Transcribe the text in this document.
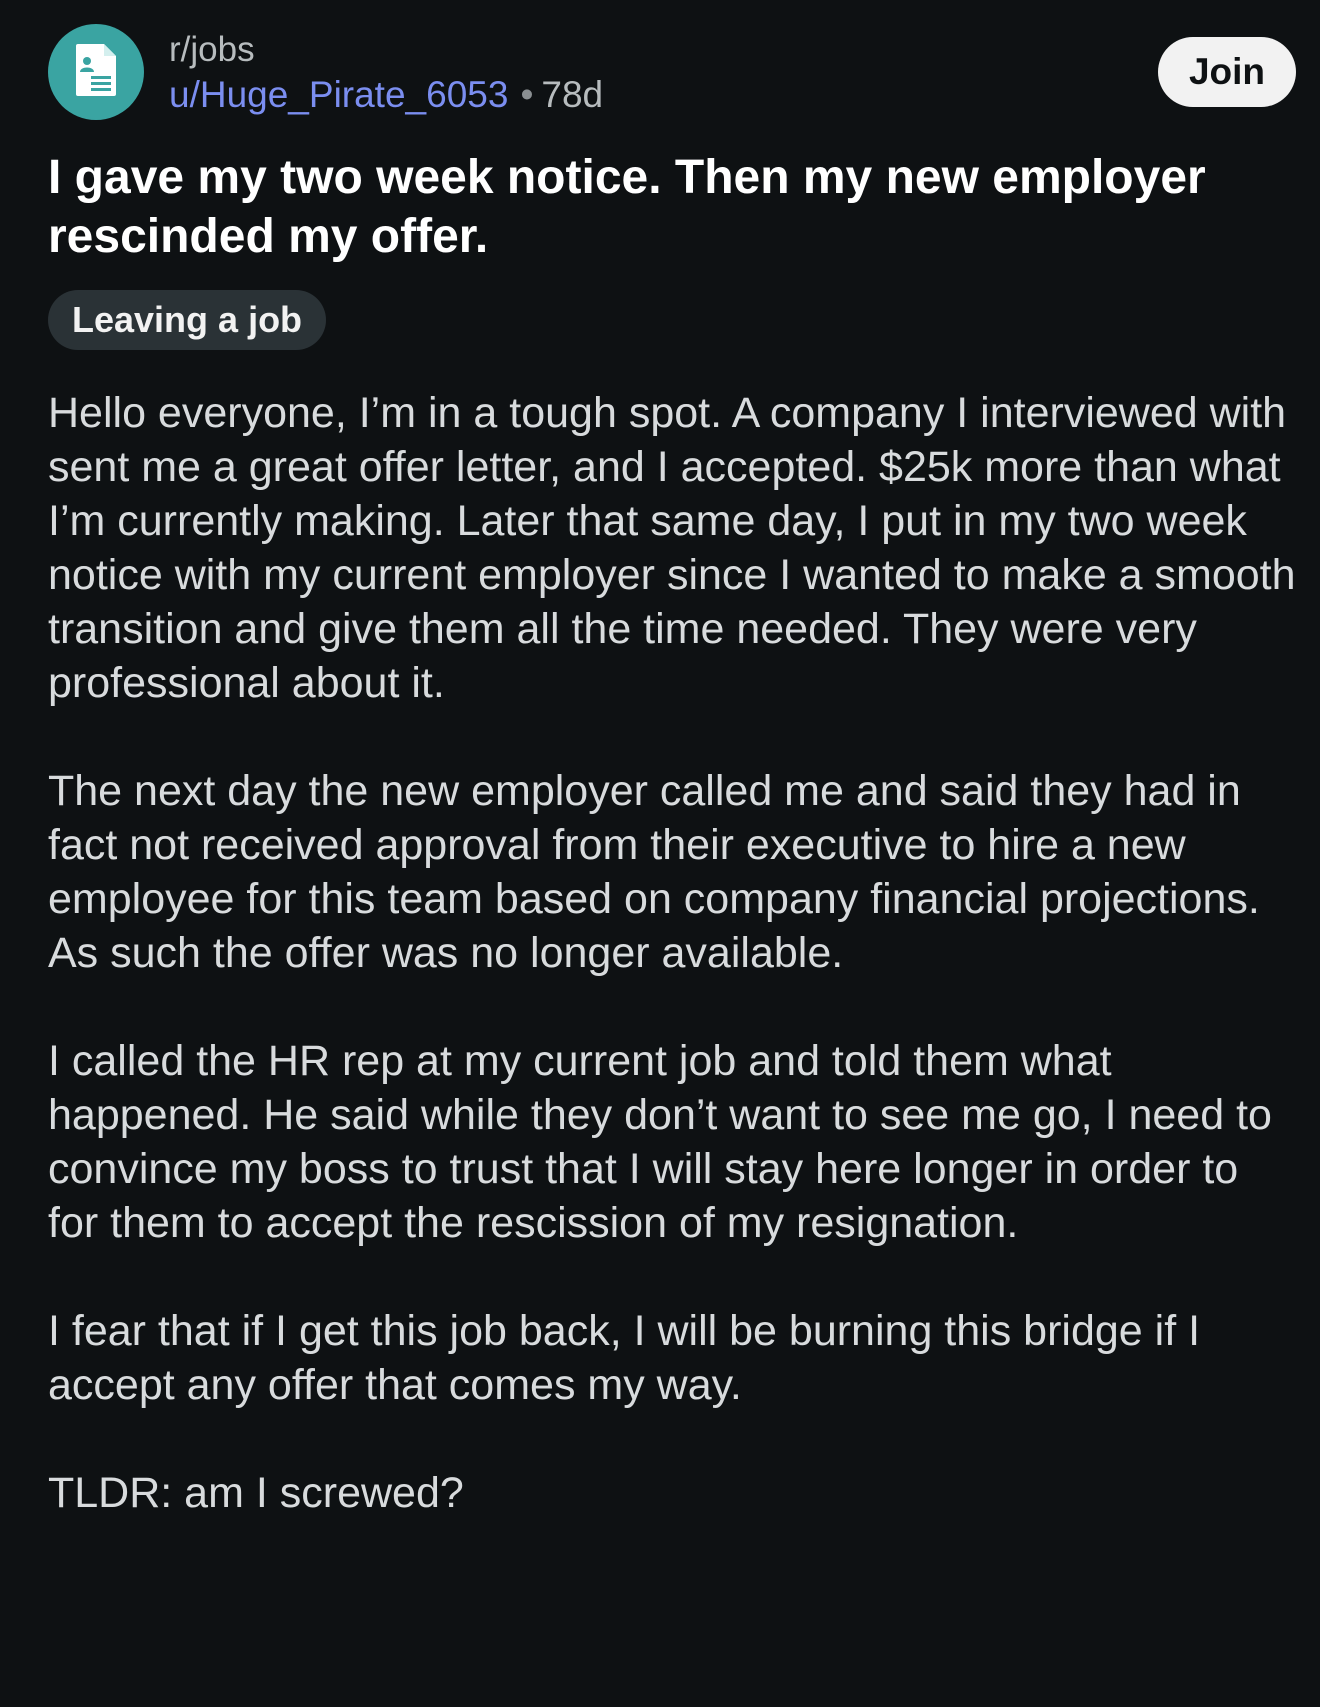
r/jobs
u/Huge_Pirate_6053 • 78d
Join
I gave my two week notice. Then my new employer rescinded my offer.
Leaving a job

Hello everyone, I’m in a tough spot. A company I interviewed with sent me a great offer letter, and I accepted. $25k more than what I’m currently making. Later that same day, I put in my two week notice with my current employer since I wanted to make a smooth transition and give them all the time needed. They were very professional about it.

The next day the new employer called me and said they had in fact not received approval from their executive to hire a new employee for this team based on company financial projections. As such the offer was no longer available.

I called the HR rep at my current job and told them what happened. He said while they don’t want to see me go, I need to convince my boss to trust that I will stay here longer in order to for them to accept the rescission of my resignation.

I fear that if I get this job back, I will be burning this bridge if I accept any offer that comes my way.

TLDR: am I screwed?
